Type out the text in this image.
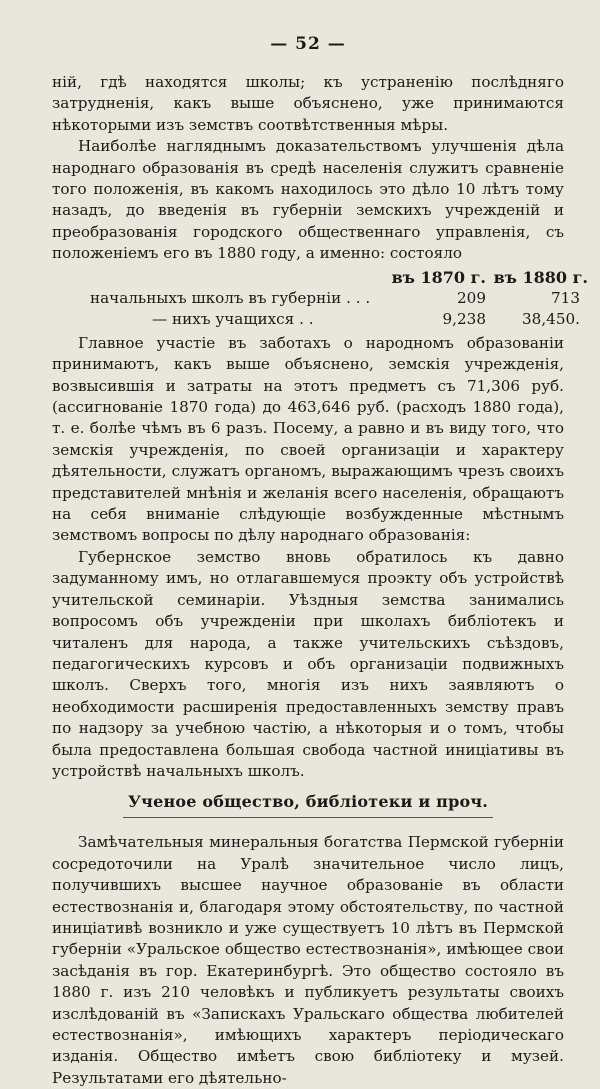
— 52 —

ній, гдѣ находятся школы; къ устраненію послѣдняго затрудненія, какъ выше объяснено, уже принимаются нѣкоторыми изъ земствъ соотвѣтственныя мѣры.

Наиболѣе нагляднымъ доказательствомъ улучшенія дѣла народнаго образованія въ средѣ населенія служитъ сравненіе того положенія, въ какомъ находилось это дѣло 10 лѣтъ тому назадъ, до введенія въ губерніи земскихъ учрежденій и преобразованія городского общественнаго управленія, съ положеніемъ его въ 1880 году, а именно: состояло

въ 1870 г. въ 1880 г.
начальныхъ школъ въ губерніи . . .	209	713
— нихъ учащихся . .	9,238	38,450.

Главное участіе въ заботахъ о народномъ образованіи принимаютъ, какъ выше объяснено, земскія учрежденія, возвысившія и затраты на этотъ предметъ съ 71,306 руб. (ассигнованіе 1870 года) до 463,646 руб. (расходъ 1880 года), т. е. болѣе чѣмъ въ 6 разъ. Посему, а равно и въ виду того, что земскія учрежденія, по своей организаціи и характеру дѣятельности, служатъ органомъ, выражающимъ чрезъ своихъ представителей мнѣнія и желанія всего населенія, обращаютъ на себя вниманіе слѣдующіе возбужденные мѣстнымъ земствомъ вопросы по дѣлу народнаго образованія:

Губернское земство вновь обратилось къ давно задуманному имъ, но отлагавшемуся проэкту объ устройствѣ учительской семинаріи. Уѣздныя земства занимались вопросомъ объ учрежденіи при школахъ библіотекъ и читаленъ для народа, а также учительскихъ съѣздовъ, педагогическихъ курсовъ и объ организаціи подвижныхъ школъ. Сверхъ того, многія изъ нихъ заявляютъ о необходимости расширенія предоставленныхъ земству правъ по надзору за учебною частію, а нѣкоторыя и о томъ, чтобы была предоставлена большая свобода частной иниціативы въ устройствѣ начальныхъ школъ.

Ученое общество, библіотеки и проч.

Замѣчательныя минеральныя богатства Пермской губерніи сосредоточили на Уралѣ значительное число лицъ, получившихъ высшее научное образованіе въ области естествознанія и, благодаря этому обстоятельству, по частной иниціативѣ возникло и уже существуетъ 10 лѣтъ въ Пермской губерніи «Уральское общество естествознанія», имѣющее свои засѣданія въ гор. Екатеринбургѣ. Это общество состояло въ 1880 г. изъ 210 человѣкъ и публикуетъ результаты своихъ изслѣдованій въ «Запискахъ Уральскаго общества любителей естествознанія», имѣющихъ характеръ періодическаго изданія. Общество имѣетъ свою библіотеку и музей. Результатами его дѣятельно-
